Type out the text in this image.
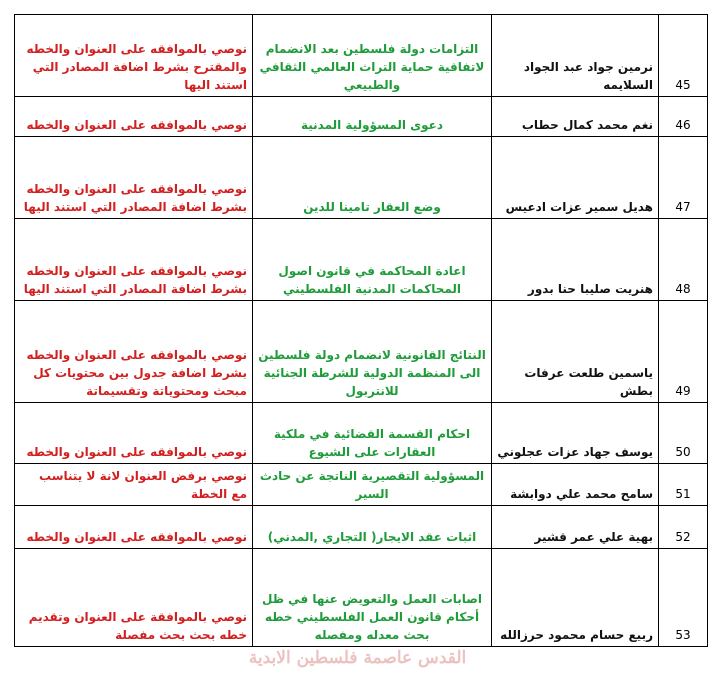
45	نرمين جواد عبد الجواد السلايمه	التزامات دولة فلسطين بعد الانضمام لاتفاقية حماية التراث العالمي الثقافي والطبيعي	نوصي بالموافقه على العنوان والخطه والمقترح بشرط اضافة المصادر التي استند اليها
46	نغم محمد كمال حطاب	دعوى المسؤولية المدنية	نوصي بالموافقه على العنوان والخطه
47	هديل سمير عزات ادعيس	وضع العقار تامينا للدين	نوصي بالموافقه على العنوان والخطه بشرط اضافة المصادر التي استند اليها
48	هنريت صليبا حنا بدور	اعادة المحاكمة في قانون اصول المحاكمات المدنية الفلسطيني	نوصي بالموافقه على العنوان والخطه بشرط اضافة المصادر التي استند اليها
49	ياسمين طلعت عرفات بطش	النتائج القانونية لانضمام دولة فلسطين الى المنظمة الدولية للشرطة الجنائية للانتربول	نوصي بالموافقه على العنوان والخطه بشرط اضافة جدول بين محتويات كل مبحث ومحتوياتة وتقسيماتة
50	يوسف جهاد عزات عجلوني	احكام القسمة القضائية في ملكية العقارات على الشيوع	نوصي بالموافقه على العنوان والخطه
51	سامح محمد علي دوابشة	المسؤولية التقصيرية الناتجة عن حادث السير	نوصي برفض العنوان لانة لا يتناسب مع الخطة
52	بهية علي عمر قشير	اثبات عقد الايجار( التجاري ,المدني)	نوصي بالموافقه على العنوان والخطه
53	ربيع حسام محمود حرزالله	اصابات العمل والتعويض عنها في ظل أحكام قانون العمل الفلسطيني خطه بحث معدله ومفصله	نوصي بالموافقة على العنوان وتقديم خطه بحث بحث مفصلة
القدس عاصمة فلسطين الابدية
